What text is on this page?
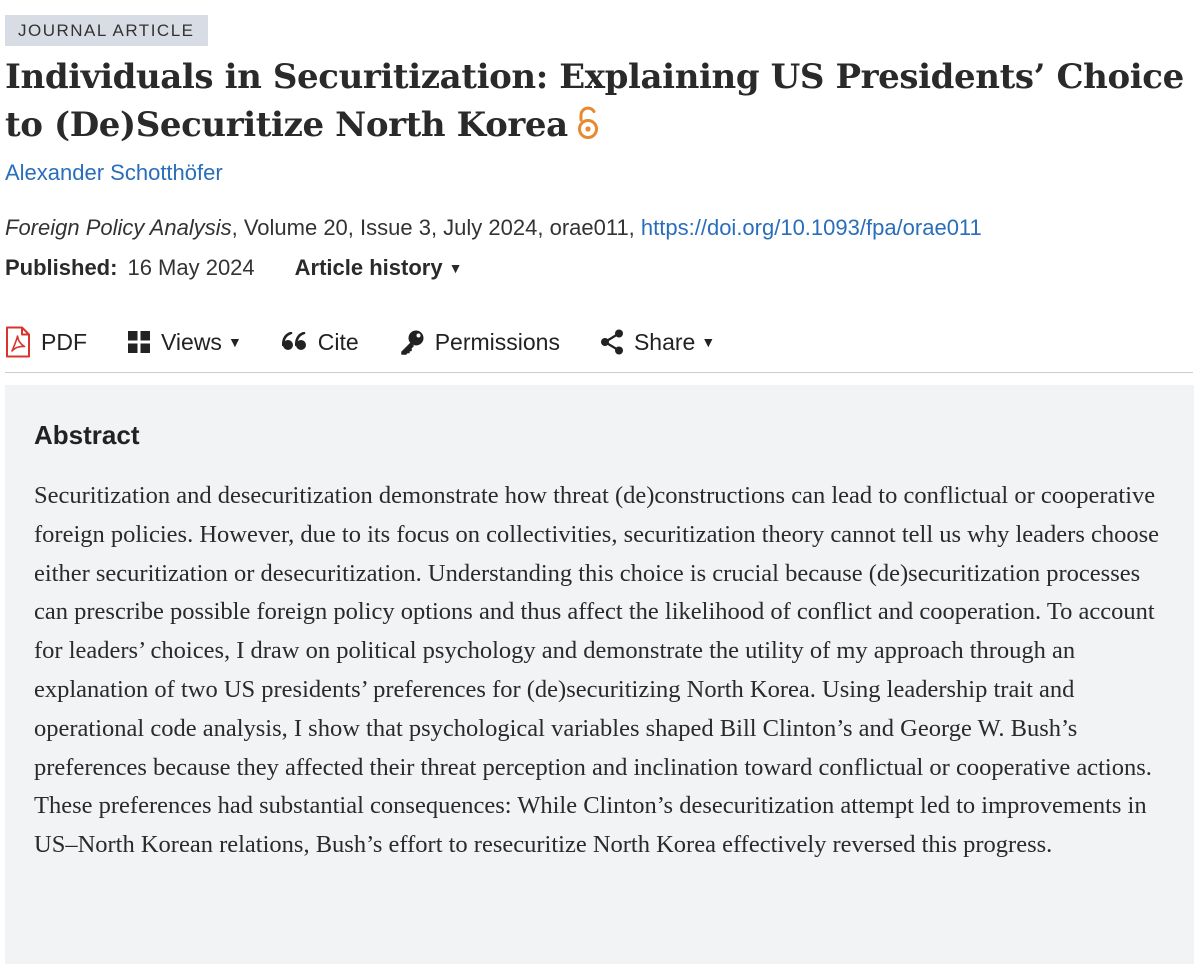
JOURNAL ARTICLE
Individuals in Securitization: Explaining US Presidents’ Choice to (De)Securitize North Korea
Alexander Schotthöfer
Foreign Policy Analysis, Volume 20, Issue 3, July 2024, orae011, https://doi.org/10.1093/fpa/orae011
Published: 16 May 2024 Article history ▼
PDF	Views ▼	Cite	Permissions	Share ▼
Abstract

Securitization and desecuritization demonstrate how threat (de)constructions can lead to conflictual or cooperative foreign policies. However, due to its focus on collectivities, securitization theory cannot tell us why leaders choose either securitization or desecuritization. Understanding this choice is crucial because (de)securitization processes can prescribe possible foreign policy options and thus affect the likelihood of conflict and cooperation. To account for leaders’ choices, I draw on political psychology and demonstrate the utility of my approach through an explanation of two US presidents’ preferences for (de)securitizing North Korea. Using leadership trait and operational code analysis, I show that psychological variables shaped Bill Clinton’s and George W. Bush’s preferences because they affected their threat perception and inclination toward conflictual or cooperative actions. These preferences had substantial consequences: While Clinton’s desecuritization attempt led to improvements in US–North Korean relations, Bush’s effort to resecuritize North Korea effectively reversed this progress.
